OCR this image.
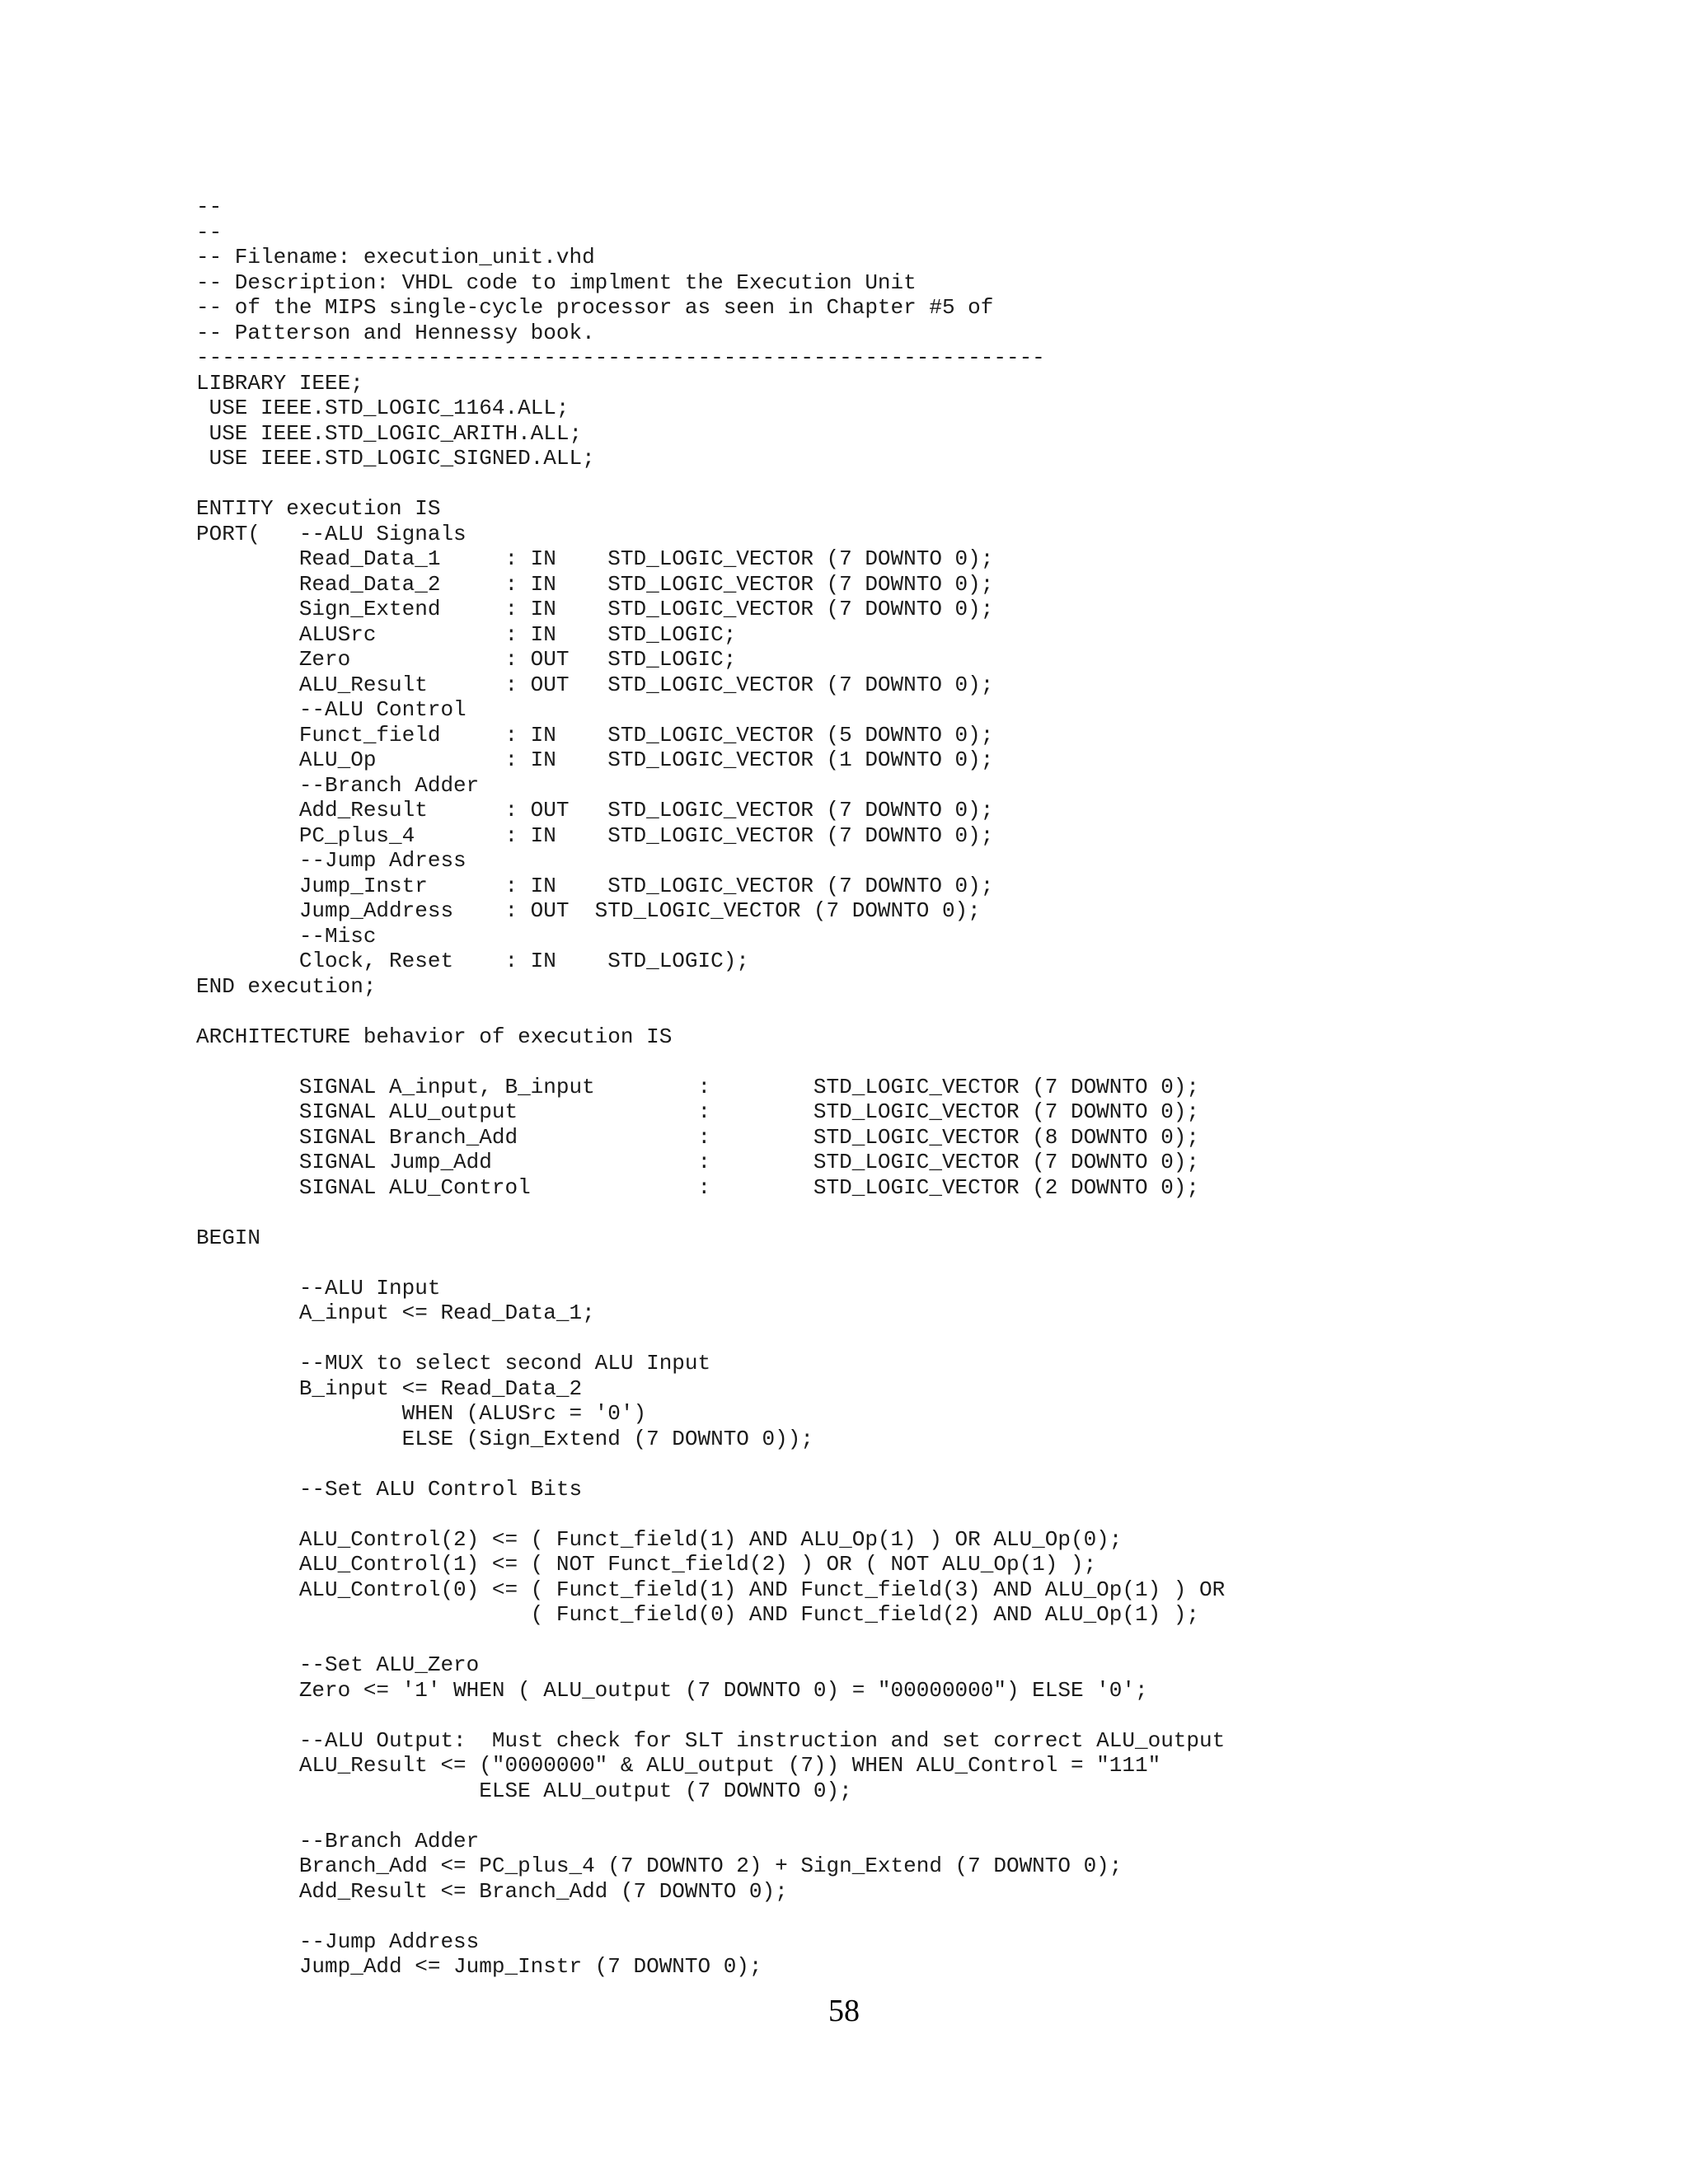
--
--
-- Filename: execution_unit.vhd
-- Description: VHDL code to implment the Execution Unit
-- of the MIPS single-cycle processor as seen in Chapter #5 of
-- Patterson and Hennessy book.
------------------------------------------------------------------
LIBRARY IEEE;
USE IEEE.STD_LOGIC_1164.ALL;
USE IEEE.STD_LOGIC_ARITH.ALL;
USE IEEE.STD_LOGIC_SIGNED.ALL;
ENTITY execution IS
PORT(   --ALU Signals
Read_Data_1     : IN    STD_LOGIC_VECTOR (7 DOWNTO 0);
Read_Data_2     : IN    STD_LOGIC_VECTOR (7 DOWNTO 0);
Sign_Extend     : IN    STD_LOGIC_VECTOR (7 DOWNTO 0);
ALUSrc          : IN    STD_LOGIC;
Zero            : OUT   STD_LOGIC;
ALU_Result      : OUT   STD_LOGIC_VECTOR (7 DOWNTO 0);
--ALU Control
Funct_field     : IN    STD_LOGIC_VECTOR (5 DOWNTO 0);
ALU_Op          : IN    STD_LOGIC_VECTOR (1 DOWNTO 0);
--Branch Adder
Add_Result      : OUT   STD_LOGIC_VECTOR (7 DOWNTO 0);
PC_plus_4       : IN    STD_LOGIC_VECTOR (7 DOWNTO 0);
--Jump Adress
Jump_Instr      : IN    STD_LOGIC_VECTOR (7 DOWNTO 0);
Jump_Address    : OUT  STD_LOGIC_VECTOR (7 DOWNTO 0);
--Misc
Clock, Reset    : IN    STD_LOGIC);
END execution;
ARCHITECTURE behavior of execution IS
SIGNAL A_input, B_input        :        STD_LOGIC_VECTOR (7 DOWNTO 0);
SIGNAL ALU_output              :        STD_LOGIC_VECTOR (7 DOWNTO 0);
SIGNAL Branch_Add              :        STD_LOGIC_VECTOR (8 DOWNTO 0);
SIGNAL Jump_Add                :        STD_LOGIC_VECTOR (7 DOWNTO 0);
SIGNAL ALU_Control             :        STD_LOGIC_VECTOR (2 DOWNTO 0);
BEGIN
--ALU Input
A_input <= Read_Data_1;
--MUX to select second ALU Input
B_input <= Read_Data_2
WHEN (ALUSrc = '0')
ELSE (Sign_Extend (7 DOWNTO 0));
--Set ALU Control Bits
ALU_Control(2) <= ( Funct_field(1) AND ALU_Op(1) ) OR ALU_Op(0);
ALU_Control(1) <= ( NOT Funct_field(2) ) OR ( NOT ALU_Op(1) );
ALU_Control(0) <= ( Funct_field(1) AND Funct_field(3) AND ALU_Op(1) ) OR
( Funct_field(0) AND Funct_field(2) AND ALU_Op(1) );
--Set ALU_Zero
Zero <= '1' WHEN ( ALU_output (7 DOWNTO 0) = "00000000") ELSE '0';
--ALU Output:  Must check for SLT instruction and set correct ALU_output
ALU_Result <= ("0000000" & ALU_output (7)) WHEN ALU_Control = "111"
ELSE ALU_output (7 DOWNTO 0);
--Branch Adder
Branch_Add <= PC_plus_4 (7 DOWNTO 2) + Sign_Extend (7 DOWNTO 0);
Add_Result <= Branch_Add (7 DOWNTO 0);
--Jump Address
Jump_Add <= Jump_Instr (7 DOWNTO 0);
58
